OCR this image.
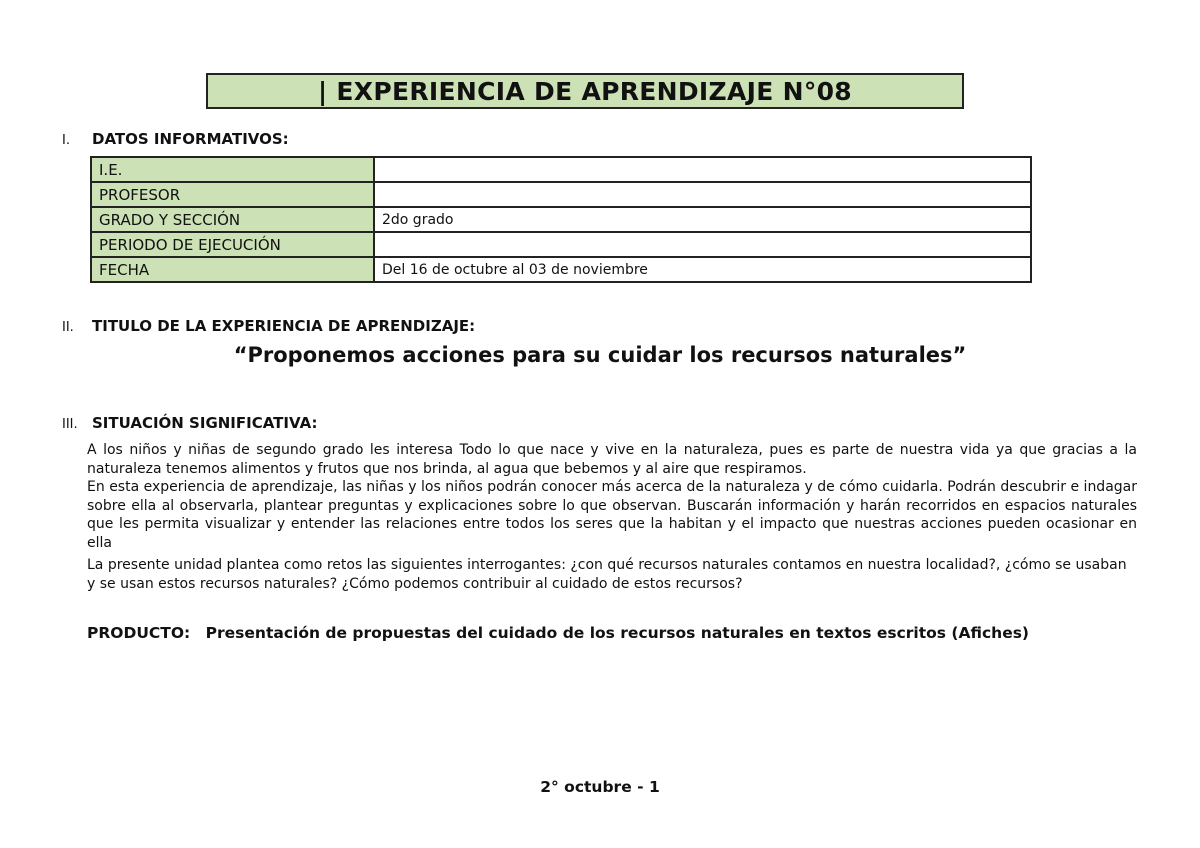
| EXPERIENCIA DE APRENDIZAJE N°08
I.	DATOS INFORMATIVOS:
I.E.	
PROFESOR	
GRADO Y SECCIÓN	2do grado
PERIODO DE EJECUCIÓN	
FECHA	Del 16 de octubre al 03 de noviembre
II.	TITULO DE LA EXPERIENCIA DE APRENDIZAJE:
“Proponemos acciones para su cuidar los recursos naturales”
III. SITUACIÓN SIGNIFICATIVA:

A los niños y niñas de segundo grado les interesa Todo lo que nace y vive en la naturaleza, pues es parte de nuestra vida ya que gracias a la naturaleza tenemos alimentos y frutos que nos brinda, al agua que bebemos y al aire que respiramos.

En esta experiencia de aprendizaje, las niñas y los niños podrán conocer más acerca de la naturaleza y de cómo cuidarla. Podrán descubrir e indagar sobre ella al observarla, plantear preguntas y explicaciones sobre lo que observan. Buscarán información y harán recorridos en espacios naturales que les permita visualizar y entender las relaciones entre todos los seres que la habitan y el impacto que nuestras acciones pueden ocasionar en ella

La presente unidad plantea como retos las siguientes interrogantes: ¿con qué recursos naturales contamos en nuestra localidad?, ¿cómo se usaban y se usan estos recursos naturales? ¿Cómo podemos contribuir al cuidado de estos recursos?

PRODUCTO: Presentación de propuestas del cuidado de los recursos naturales en textos escritos (Afiches)
2° octubre - 1
